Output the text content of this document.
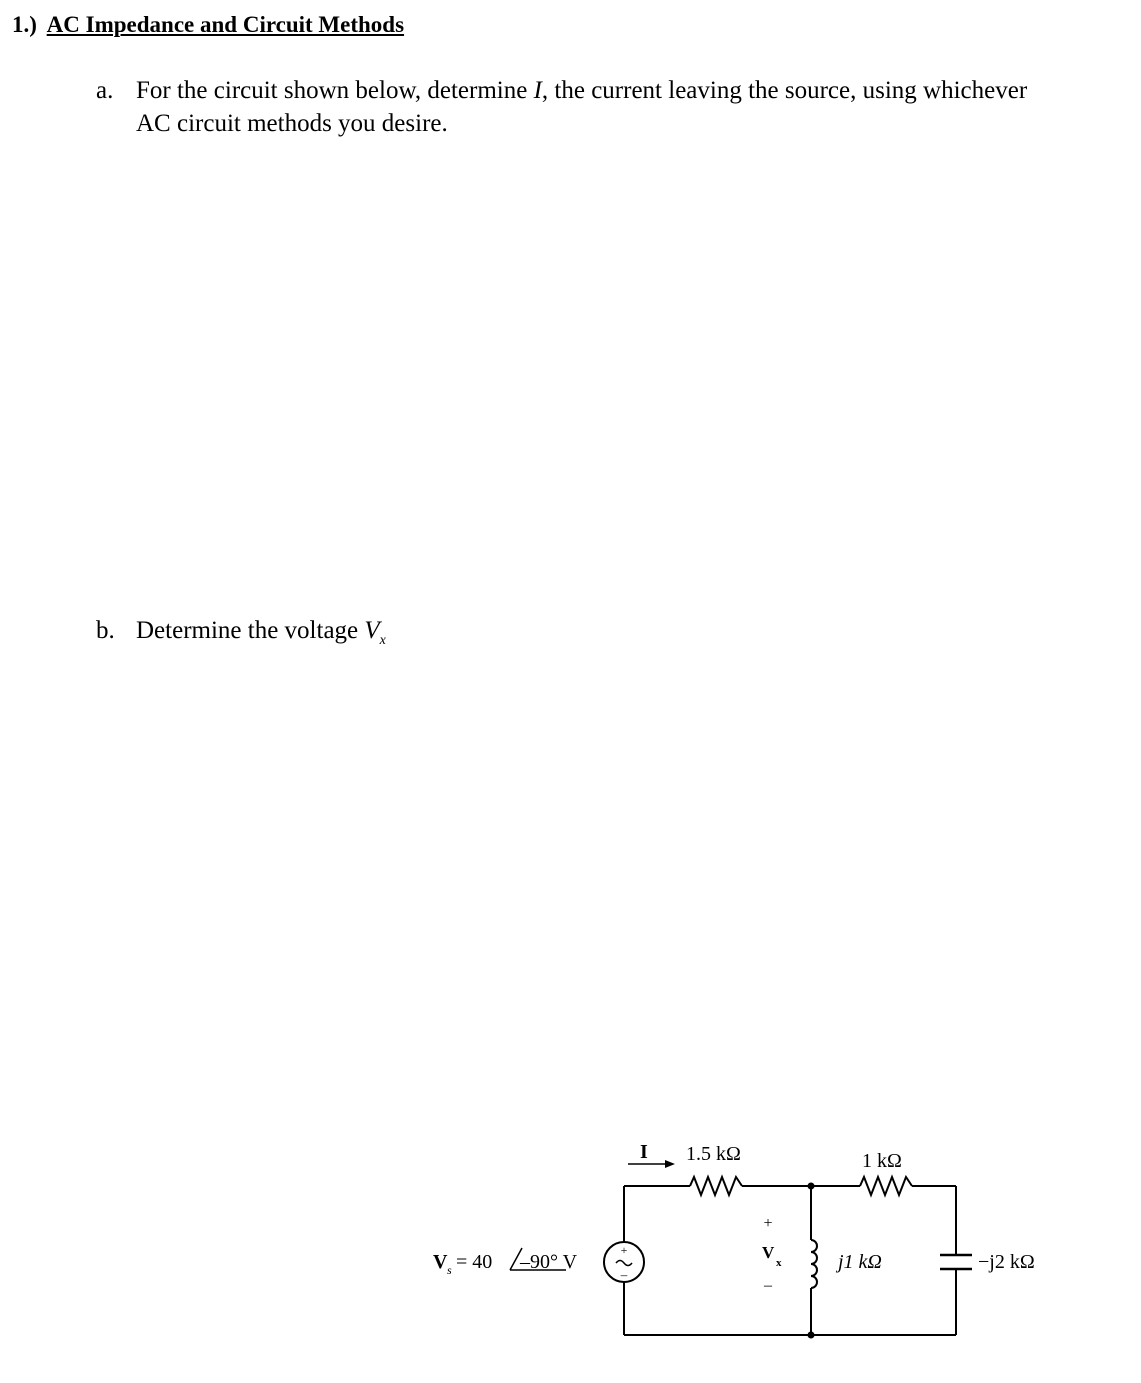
1.) AC Impedance and Circuit Methods
a. For the circuit shown below, determine I, the current leaving the source, using whichever AC circuit methods you desire.
b. Determine the voltage $V_x$
+
–
I 1.5 kΩ	1 kΩ
j1 kΩ	−j2 kΩ
+
V
x
–
V s = 40 –90° V
